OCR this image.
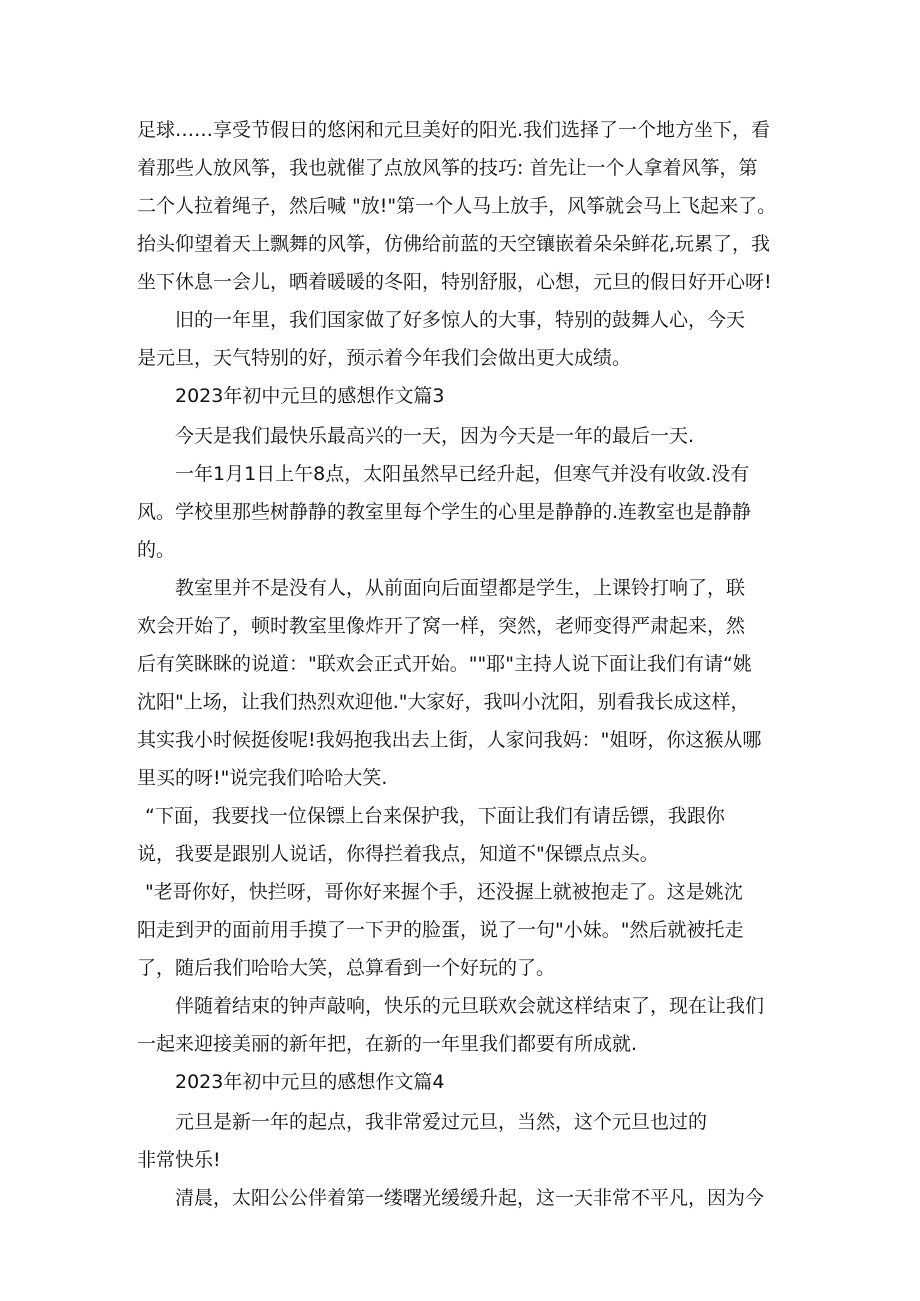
足球……享受节假日的悠闲和元旦美好的阳光.我们选择了一个地方坐下，看
着那些人放风筝，我也就催了点放风筝的技巧: 首先让一个人拿着风筝，第
二个人拉着绳子，然后喊 "放!"第一个人马上放手，风筝就会马上飞起来了。
抬头仰望着天上飘舞的风筝，仿佛给前蓝的天空镶嵌着朵朵鲜花,玩累了，我
坐下休息一会儿，晒着暖暖的冬阳，特别舒服，心想，元旦的假日好开心呀!
旧的一年里，我们国家做了好多惊人的大事，特别的鼓舞人心，今天
是元旦，天气特别的好，预示着今年我们会做出更大成绩。
2023年初中元旦的感想作文篇3
今天是我们最快乐最高兴的一天，因为今天是一年的最后一天.
一年1月1日上午8点，太阳虽然早已经升起，但寒气并没有收敛.没有
风。学校里那些树静静的教室里每个学生的心里是静静的.连教室也是静静
的。
教室里并不是没有人，从前面向后面望都是学生，上课铃打响了，联
欢会开始了，顿时教室里像炸开了窝一样，突然，老师变得严肃起来，然
后有笑眯眯的说道："联欢会正式开始。""耶"主持人说下面让我们有请“姚
沈阳"上场，让我们热烈欢迎他."大家好，我叫小沈阳，别看我长成这样，
其实我小时候挺俊呢!我妈抱我出去上街，人家问我妈："姐呀，你这猴从哪
里买的呀!"说完我们哈哈大笑.
“下面，我要找一位保镖上台来保护我，下面让我们有请岳镖，我跟你
说，我要是跟别人说话，你得拦着我点，知道不"保镖点点头。
"老哥你好，快拦呀，哥你好来握个手，还没握上就被抱走了。这是姚沈
阳走到尹的面前用手摸了一下尹的脸蛋，说了一句"小妹。"然后就被托走
了，随后我们哈哈大笑，总算看到一个好玩的了。
伴随着结束的钟声敲响，快乐的元旦联欢会就这样结束了，现在让我们
一起来迎接美丽的新年把，在新的一年里我们都要有所成就.
2023年初中元旦的感想作文篇4
元旦是新一年的起点，我非常爱过元旦，当然，这个元旦也过的
非常快乐!
清晨，太阳公公伴着第一缕曙光缓缓升起，这一天非常不平凡，因为今
